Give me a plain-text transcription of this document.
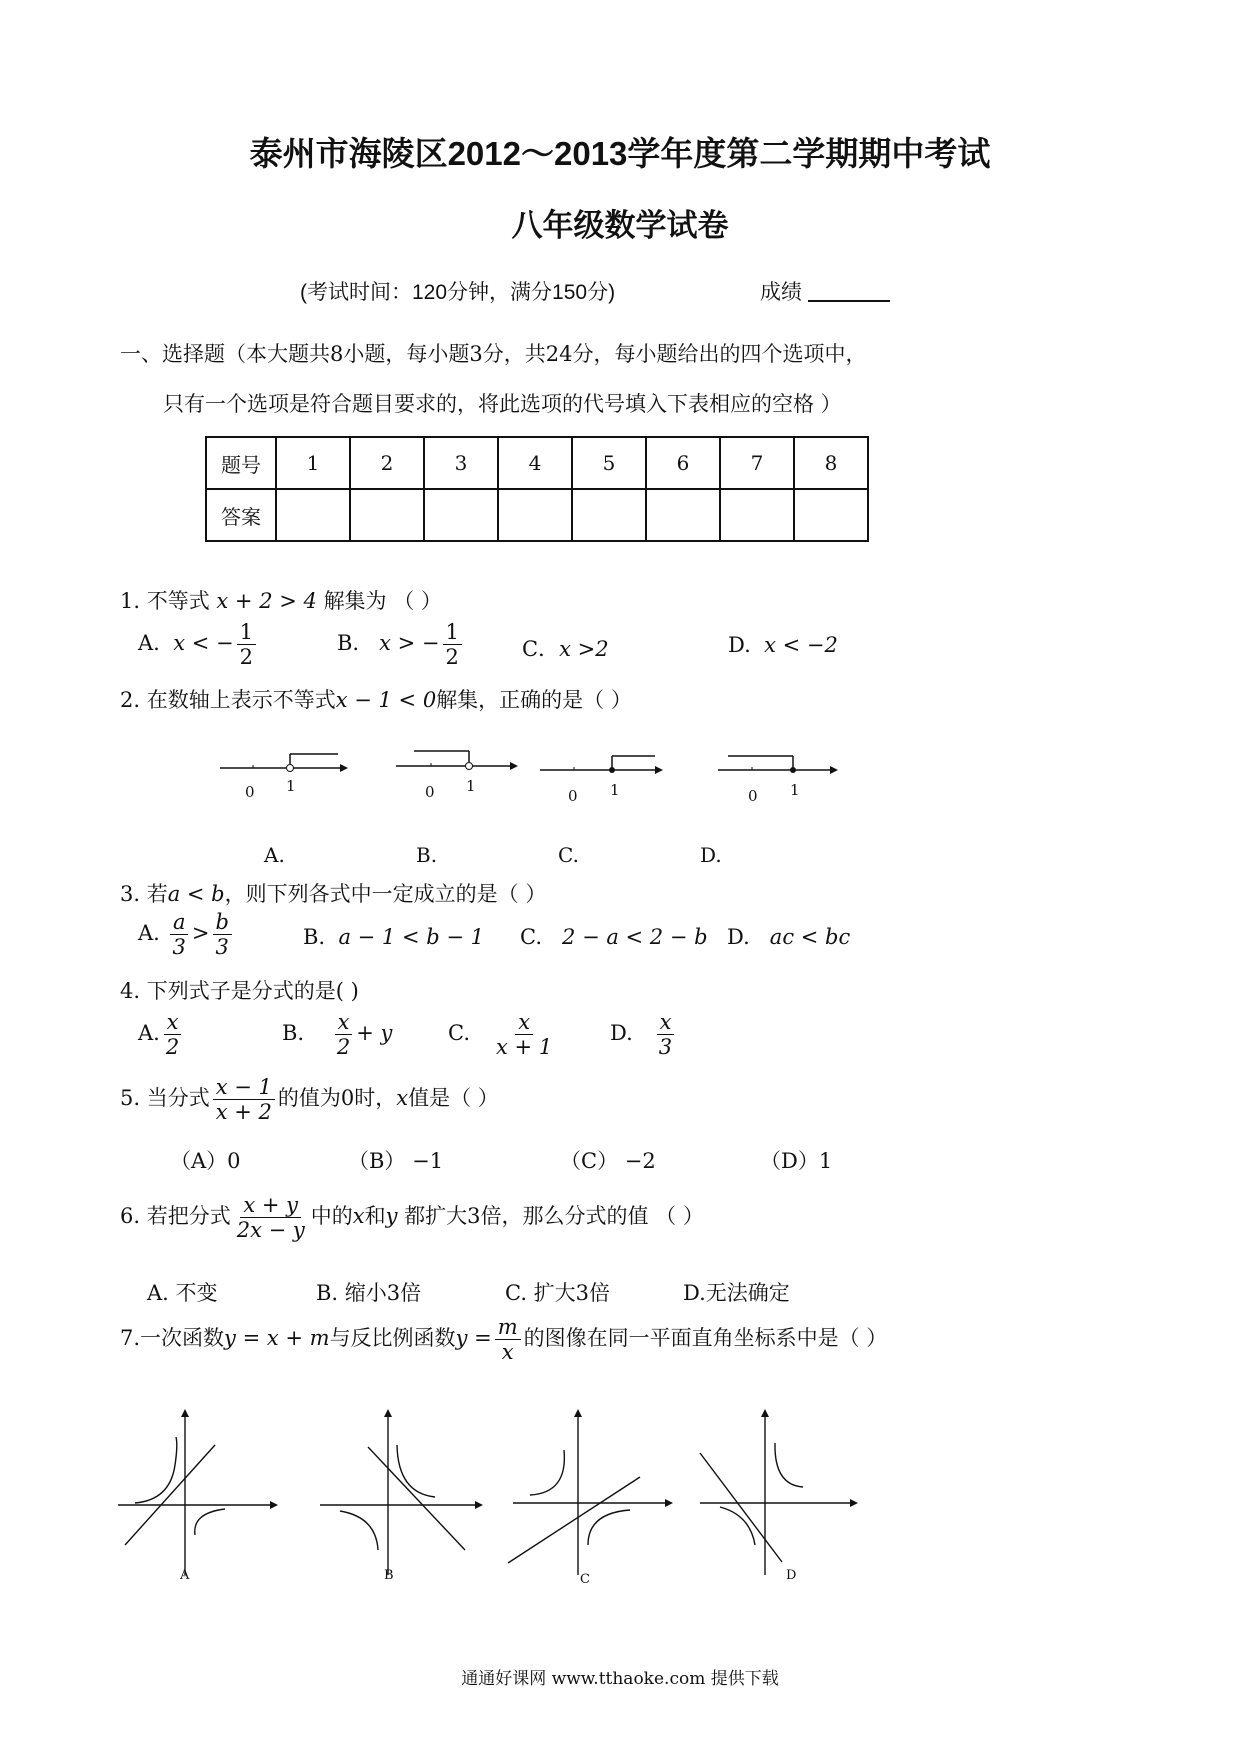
泰州市海陵区2012～2013学年度第二学期期中考试
八年级数学试卷
(考试时间：120分钟，满分150分)	成绩
一、选择题（本大题共8小题，每小题3分，共24分，每小题给出的四个选项中，
只有一个选项是符合题目要求的，将此选项的代号填入下表相应的空格 ）
题号	1	2	3	4	5	6	7	8
答案								
1. 不等式 x + 2 > 4 解集为 （ ）
A. x < − $\frac{1}{2}$	B. x > − $\frac{1}{2}$	C．x >2	D. x < −2
2. 在数轴上表示不等式x − 1 < 0解集，正确的是（ ）
0 1	0 1
0 1	0 1
A.	B.	C.	D.
3. 若a < b，则下列各式中一定成立的是（ ）
A. $\frac{a}{3} > \frac{b}{3}$	B. a − 1 < b − 1 C. 2 − a < 2 − b D. ac < bc
4. 下列式子是分式的是( )
A. $\frac{x}{2}$	B. $\frac{x}{2} + y$	C. $\frac{x}{x + 1}$	D. $\frac{x}{3}$
5. 当分式 $\frac{x - 1}{x + 2}$ 的值为0时，x值是（ ）
（A）0	（B） −1	（C） −2	（D）1
6. 若把分式 $\frac{x + y}{2x - y}$ 中的x和y 都扩大3倍，那么分式的值 （ ）
A. 不变	B. 缩小3倍	C. 扩大3倍	D.无法确定
7.一次函数y = x + m与反比例函数$y = \frac{m}{x}$ 的图像在同一平面直角坐标系中是（ ）
A	B	C	D
通通好课网 www.tthaoke.com 提供下载
